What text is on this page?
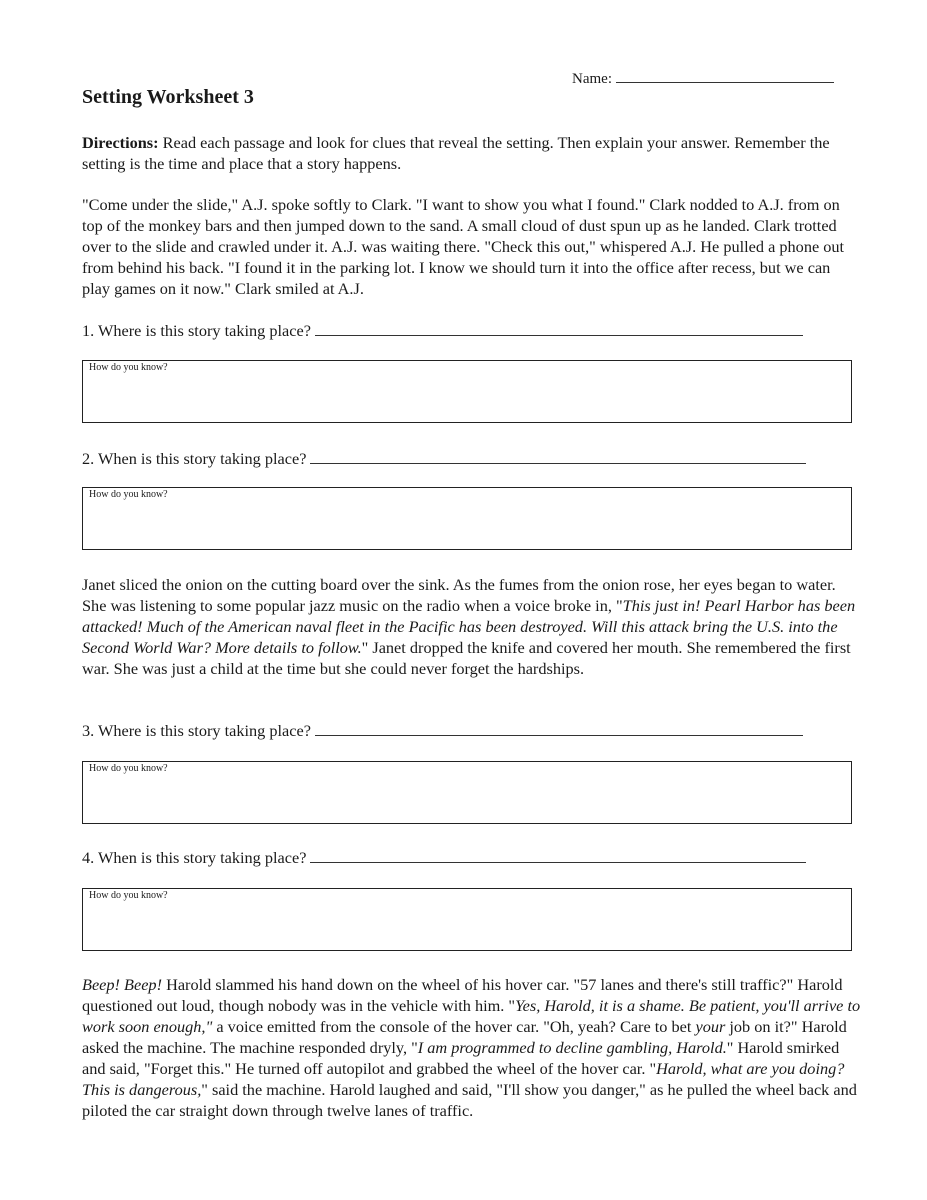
Name:
Setting Worksheet 3

Directions: Read each passage and look for clues that reveal the setting. Then explain your answer. Remember the setting is the time and place that a story happens.

"Come under the slide," A.J. spoke softly to Clark. "I want to show you what I found." Clark nodded to A.J. from on top of the monkey bars and then jumped down to the sand. A small cloud of dust spun up as he landed. Clark trotted over to the slide and crawled under it. A.J. was waiting there. "Check this out," whispered A.J. He pulled a phone out from behind his back. "I found it in the parking lot. I know we should turn it into the office after recess, but we can play games on it now." Clark smiled at A.J.

1. Where is this story taking place?
How do you know?
2. When is this story taking place?
How do you know?

Janet sliced the onion on the cutting board over the sink. As the fumes from the onion rose, her eyes began to water. She was listening to some popular jazz music on the radio when a voice broke in, "This just in! Pearl Harbor has been attacked! Much of the American naval fleet in the Pacific has been destroyed. Will this attack bring the U.S. into the Second World War? More details to follow." Janet dropped the knife and covered her mouth. She remembered the first war. She was just a child at the time but she could never forget the hardships.

3. Where is this story taking place?
How do you know?
4. When is this story taking place?
How do you know?

Beep! Beep! Harold slammed his hand down on the wheel of his hover car. "57 lanes and there's still traffic?" Harold questioned out loud, though nobody was in the vehicle with him. "Yes, Harold, it is a shame. Be patient, you'll arrive to work soon enough," a voice emitted from the console of the hover car. "Oh, yeah? Care to bet your job on it?" Harold asked the machine. The machine responded dryly, "I am programmed to decline gambling, Harold." Harold smirked and said, "Forget this." He turned off autopilot and grabbed the wheel of the hover car. "Harold, what are you doing? This is dangerous," said the machine. Harold laughed and said, "I'll show you danger," as he pulled the wheel back and piloted the car straight down through twelve lanes of traffic.
